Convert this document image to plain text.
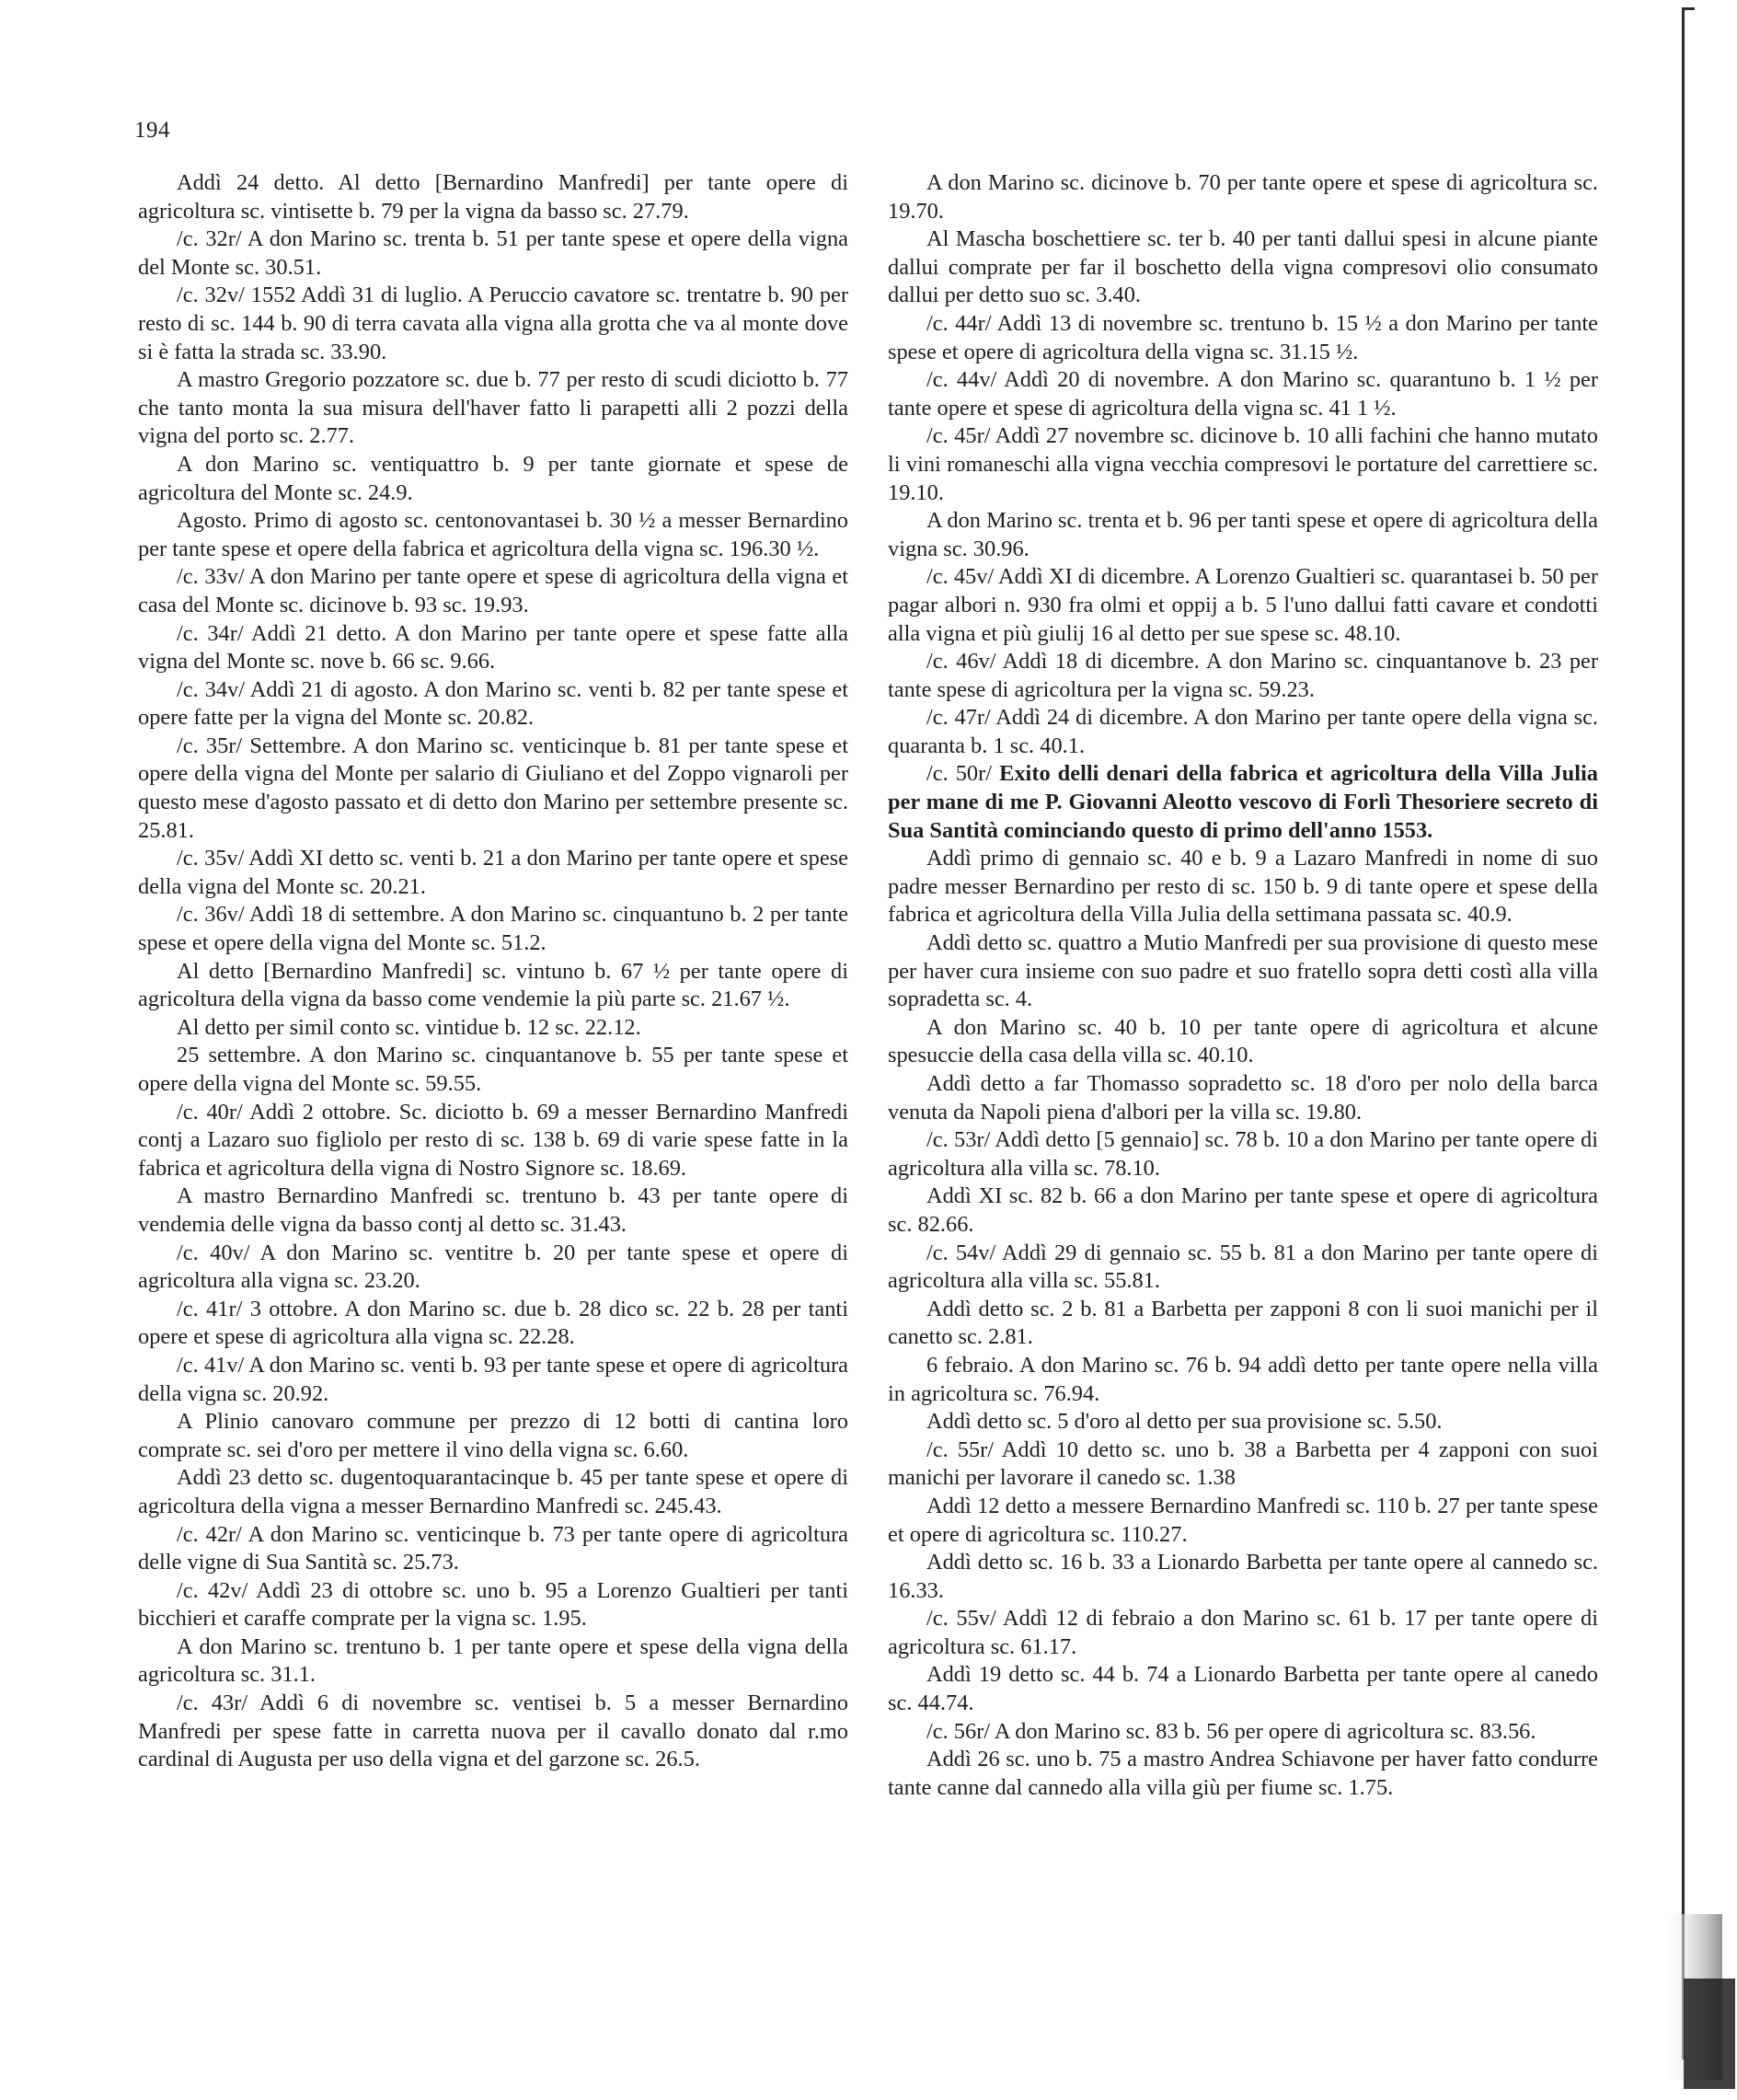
194

Addì 24 detto. Al detto [Bernardino Manfredi] per tante opere di agricoltura sc. vintisette b. 79 per la vigna da basso sc. 27.79.

/c. 32r/ A don Marino sc. trenta b. 51 per tante spese et opere della vigna del Monte sc. 30.51.

/c. 32v/ 1552 Addì 31 di luglio. A Peruccio cavatore sc. trentatre b. 90 per resto di sc. 144 b. 90 di terra cavata alla vigna alla grotta che va al monte dove si è fatta la strada sc. 33.90.

A mastro Gregorio pozzatore sc. due b. 77 per resto di scudi diciotto b. 77 che tanto monta la sua misura dell'haver fatto li parapetti alli 2 pozzi della vigna del porto sc. 2.77.

A don Marino sc. ventiquattro b. 9 per tante giornate et spese de agricoltura del Monte sc. 24.9.

Agosto. Primo di agosto sc. centonovantasei b. 30 ½ a messer Bernardino per tante spese et opere della fabrica et agricoltura della vigna sc. 196.30 ½.

/c. 33v/ A don Marino per tante opere et spese di agricoltura della vigna et casa del Monte sc. dicinove b. 93 sc. 19.93.

/c. 34r/ Addì 21 detto. A don Marino per tante opere et spese fatte alla vigna del Monte sc. nove b. 66 sc. 9.66.

/c. 34v/ Addì 21 di agosto. A don Marino sc. venti b. 82 per tante spese et opere fatte per la vigna del Monte sc. 20.82.

/c. 35r/ Settembre. A don Marino sc. venticinque b. 81 per tante spese et opere della vigna del Monte per salario di Giuliano et del Zoppo vignaroli per questo mese d'agosto passato et di detto don Marino per settembre presente sc. 25.81.

/c. 35v/ Addì XI detto sc. venti b. 21 a don Marino per tante opere et spese della vigna del Monte sc. 20.21.

/c. 36v/ Addì 18 di settembre. A don Marino sc. cinquantuno b. 2 per tante spese et opere della vigna del Monte sc. 51.2.

Al detto [Bernardino Manfredi] sc. vintuno b. 67 ½ per tante opere di agricoltura della vigna da basso come vendemie la più parte sc. 21.67 ½.

Al detto per simil conto sc. vintidue b. 12 sc. 22.12.

25 settembre. A don Marino sc. cinquantanove b. 55 per tante spese et opere della vigna del Monte sc. 59.55.

/c. 40r/ Addì 2 ottobre. Sc. diciotto b. 69 a messer Bernardino Manfredi contj a Lazaro suo figliolo per resto di sc. 138 b. 69 di varie spese fatte in la fabrica et agricoltura della vigna di Nostro Signore sc. 18.69.

A mastro Bernardino Manfredi sc. trentuno b. 43 per tante opere di vendemia delle vigna da basso contj al detto sc. 31.43.

/c. 40v/ A don Marino sc. ventitre b. 20 per tante spese et opere di agricoltura alla vigna sc. 23.20.

/c. 41r/ 3 ottobre. A don Marino sc. due b. 28 dico sc. 22 b. 28 per tanti opere et spese di agricoltura alla vigna sc. 22.28.

/c. 41v/ A don Marino sc. venti b. 93 per tante spese et opere di agricoltura della vigna sc. 20.92.

A Plinio canovaro commune per prezzo di 12 botti di cantina loro comprate sc. sei d'oro per mettere il vino della vigna sc. 6.60.

Addì 23 detto sc. dugentoquarantacinque b. 45 per tante spese et opere di agricoltura della vigna a messer Bernardino Manfredi sc. 245.43.

/c. 42r/ A don Marino sc. venticinque b. 73 per tante opere di agricoltura delle vigne di Sua Santità sc. 25.73.

/c. 42v/ Addì 23 di ottobre sc. uno b. 95 a Lorenzo Gualtieri per tanti bicchieri et caraffe comprate per la vigna sc. 1.95.

A don Marino sc. trentuno b. 1 per tante opere et spese della vigna della agricoltura sc. 31.1.

/c. 43r/ Addì 6 di novembre sc. ventisei b. 5 a messer Bernardino Manfredi per spese fatte in carretta nuova per il cavallo donato dal r.mo cardinal di Augusta per uso della vigna et del garzone sc. 26.5.

A don Marino sc. dicinove b. 70 per tante opere et spese di agricoltura sc. 19.70.

Al Mascha boschettiere sc. ter b. 40 per tanti dallui spesi in alcune piante dallui comprate per far il boschetto della vigna compresovi olio consumato dallui per detto suo sc. 3.40.

/c. 44r/ Addì 13 di novembre sc. trentuno b. 15 ½ a don Marino per tante spese et opere di agricoltura della vigna sc. 31.15 ½.

/c. 44v/ Addì 20 di novembre. A don Marino sc. quarantuno b. 1 ½ per tante opere et spese di agricoltura della vigna sc. 41 1 ½.

/c. 45r/ Addì 27 novembre sc. dicinove b. 10 alli fachini che hanno mutato li vini romaneschi alla vigna vecchia compresovi le portature del carrettiere sc. 19.10.

A don Marino sc. trenta et b. 96 per tanti spese et opere di agricoltura della vigna sc. 30.96.

/c. 45v/ Addì XI di dicembre. A Lorenzo Gualtieri sc. quarantasei b. 50 per pagar albori n. 930 fra olmi et oppij a b. 5 l'uno dallui fatti cavare et condotti alla vigna et più giulij 16 al detto per sue spese sc. 48.10.

/c. 46v/ Addì 18 di dicembre. A don Marino sc. cinquantanove b. 23 per tante spese di agricoltura per la vigna sc. 59.23.

/c. 47r/ Addì 24 di dicembre. A don Marino per tante opere della vigna sc. quaranta b. 1 sc. 40.1.

/c. 50r/ Exito delli denari della fabrica et agricoltura della Villa Julia per mane di me P. Giovanni Aleotto vescovo di Forlì Thesoriere secreto di Sua Santità cominciando questo di primo dell'anno 1553.

Addì primo di gennaio sc. 40 e b. 9 a Lazaro Manfredi in nome di suo padre messer Bernardino per resto di sc. 150 b. 9 di tante opere et spese della fabrica et agricoltura della Villa Julia della settimana passata sc. 40.9.

Addì detto sc. quattro a Mutio Manfredi per sua provisione di questo mese per haver cura insieme con suo padre et suo fratello sopra detti costì alla villa sopradetta sc. 4.

A don Marino sc. 40 b. 10 per tante opere di agricoltura et alcune spesuccie della casa della villa sc. 40.10.

Addì detto a far Thomasso sopradetto sc. 18 d'oro per nolo della barca venuta da Napoli piena d'albori per la villa sc. 19.80.

/c. 53r/ Addì detto [5 gennaio] sc. 78 b. 10 a don Marino per tante opere di agricoltura alla villa sc. 78.10.

Addì XI sc. 82 b. 66 a don Marino per tante spese et opere di agricoltura sc. 82.66.

/c. 54v/ Addì 29 di gennaio sc. 55 b. 81 a don Marino per tante opere di agricoltura alla villa sc. 55.81.

Addì detto sc. 2 b. 81 a Barbetta per zapponi 8 con li suoi manichi per il canetto sc. 2.81.

6 febraio. A don Marino sc. 76 b. 94 addì detto per tante opere nella villa in agricoltura sc. 76.94.

Addì detto sc. 5 d'oro al detto per sua provisione sc. 5.50.

/c. 55r/ Addì 10 detto sc. uno b. 38 a Barbetta per 4 zapponi con suoi manichi per lavorare il canedo sc. 1.38

Addì 12 detto a messere Bernardino Manfredi sc. 110 b. 27 per tante spese et opere di agricoltura sc. 110.27.

Addì detto sc. 16 b. 33 a Lionardo Barbetta per tante opere al cannedo sc. 16.33.

/c. 55v/ Addì 12 di febraio a don Marino sc. 61 b. 17 per tante opere di agricoltura sc. 61.17.

Addì 19 detto sc. 44 b. 74 a Lionardo Barbetta per tante opere al canedo sc. 44.74.

/c. 56r/ A don Marino sc. 83 b. 56 per opere di agricoltura sc. 83.56.

Addì 26 sc. uno b. 75 a mastro Andrea Schiavone per haver fatto condurre tante canne dal cannedo alla villa giù per fiume sc. 1.75.
